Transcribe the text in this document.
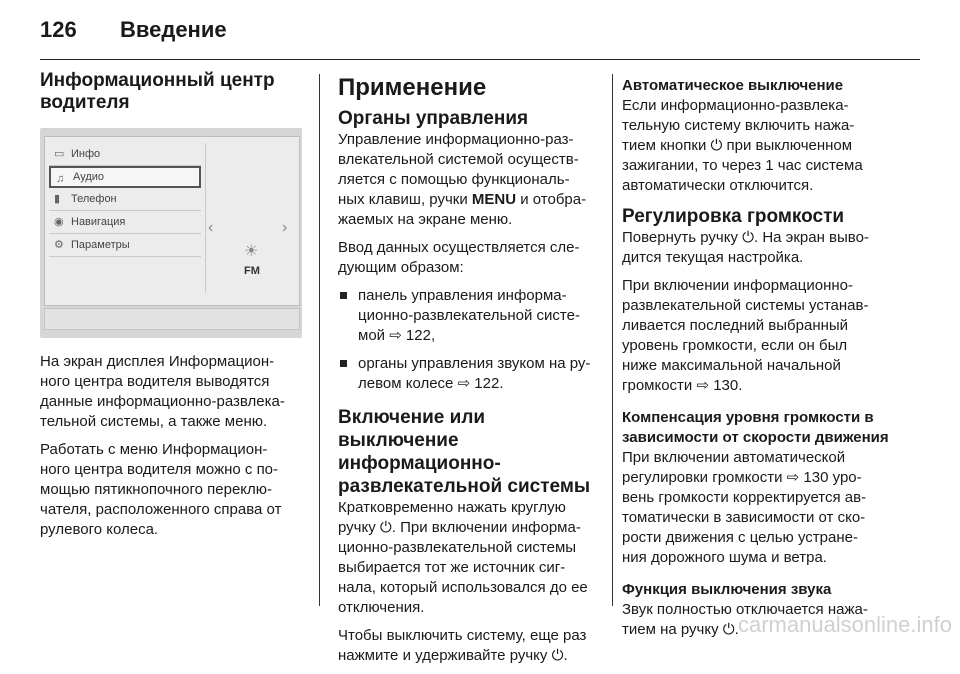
126 Введение
Информационный центр
водителя
▭ Инфо
♫ Аудио
▮ Телефон
◉ Навигация
⚙ Параметры
‹	›
☀
FM

На экран дисплея Информацион-
ного центра водителя выводятся
данные информационно-развлека-
тельной системы, а также меню.

Работать с меню Информацион-
ного центра водителя можно с по-
мощью пятикнопочного переклю-
чателя, расположенного справа от
рулевого колеса.

Применение
Органы управления

Управление информационно-раз-
влекательной системой осуществ-
ляется с помощью функциональ-
ных клавиш, ручки MENU и отобра-
жаемых на экране меню.

Ввод данных осуществляется сле-
дующим образом:

панель управления информа-
ционно-развлекательной систе-
мой ⇨ 122,
органы управления звуком на ру-
левом колесе ⇨ 122.
Включение или выключение
информационно-
развлекательной системы

Кратковременно нажать круглую
ручку ⏻. При включении информа-
ционно-развлекательной системы
выбирается тот же источник сиг-
нала, который использовался до ее
отключения.

Чтобы выключить систему, еще раз
нажмите и удерживайте ручку ⏻.

Автоматическое выключение

Если информационно-развлека-
тельную систему включить нажа-
тием кнопки ⏻ при выключенном
зажигании, то через 1 час система
автоматически отключится.

Регулировка громкости

Повернуть ручку ⏻. На экран выво-
дится текущая настройка.

При включении информационно-
развлекательной системы устанав-
ливается последний выбранный
уровень громкости, если он был
ниже максимальной начальной
громкости ⇨ 130.

Компенсация уровня громкости в
зависимости от скорости движения

При включении автоматической
регулировки громкости ⇨ 130 уро-
вень громкости корректируется ав-
томатически в зависимости от ско-
рости движения с целью устране-
ния дорожного шума и ветра.

Функция выключения звука

Звук полностью отключается нажа-
тием на ручку ⏻. carmanualsonline.info
